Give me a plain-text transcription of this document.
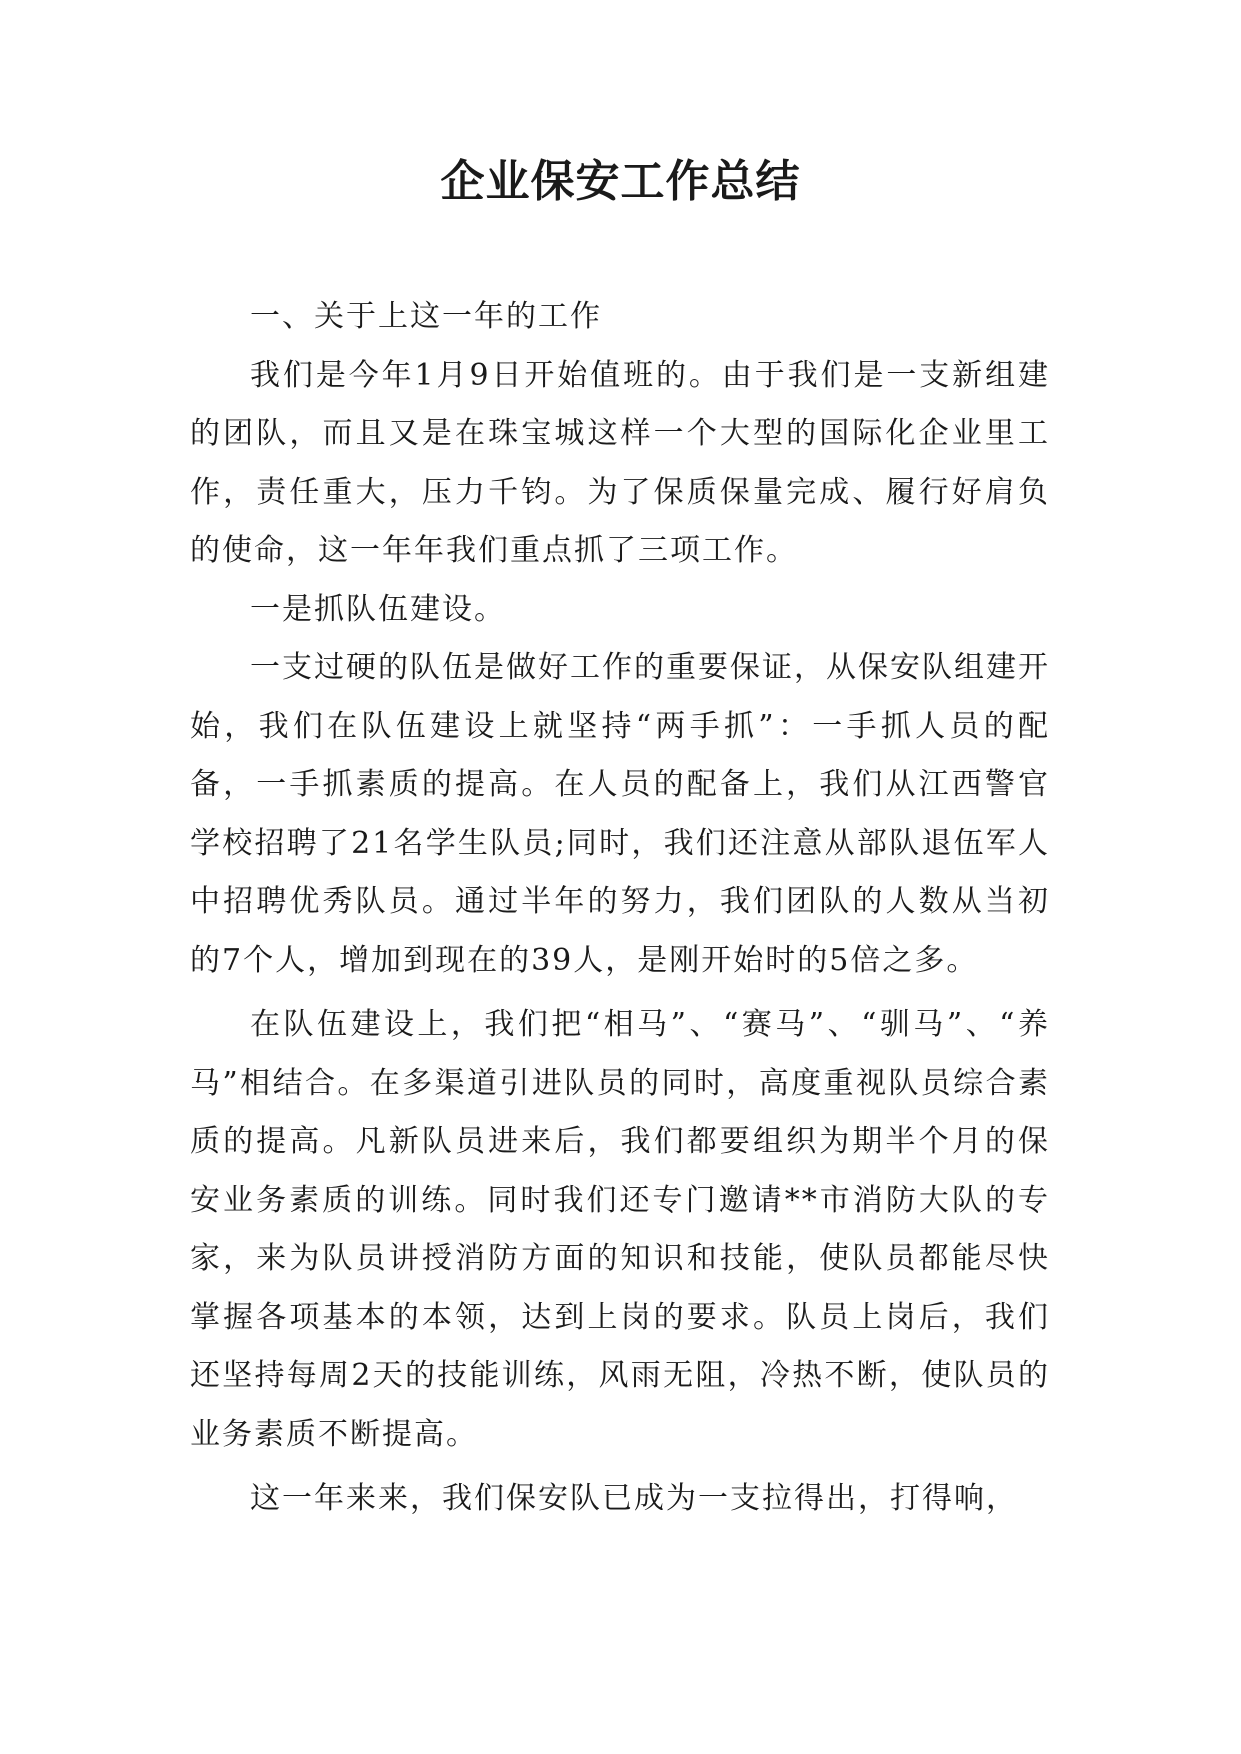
企业保安工作总结

一、关于上这一年的工作

我们是今年1月9日开始值班的。由于我们是一支新组建的团队，而且又是在珠宝城这样一个大型的国际化企业里工作，责任重大，压力千钧。为了保质保量完成、履行好肩负的使命，这一年年我们重点抓了三项工作。

一是抓队伍建设。

一支过硬的队伍是做好工作的重要保证，从保安队组建开始，我们在队伍建设上就坚持“两手抓”：一手抓人员的配备，一手抓素质的提高。在人员的配备上，我们从江西警官学校招聘了21名学生队员;同时，我们还注意从部队退伍军人中招聘优秀队员。通过半年的努力，我们团队的人数从当初的7个人，增加到现在的39人，是刚开始时的5倍之多。

在队伍建设上，我们把“相马”、“赛马”、“驯马”、“养马”相结合。在多渠道引进队员的同时，高度重视队员综合素质的提高。凡新队员进来后，我们都要组织为期半个月的保安业务素质的训练。同时我们还专门邀请**市消防大队的专家，来为队员讲授消防方面的知识和技能，使队员都能尽快掌握各项基本的本领，达到上岗的要求。队员上岗后，我们还坚持每周2天的技能训练，风雨无阻，冷热不断，使队员的业务素质不断提高。

这一年来来，我们保安队已成为一支拉得出，打得响，
